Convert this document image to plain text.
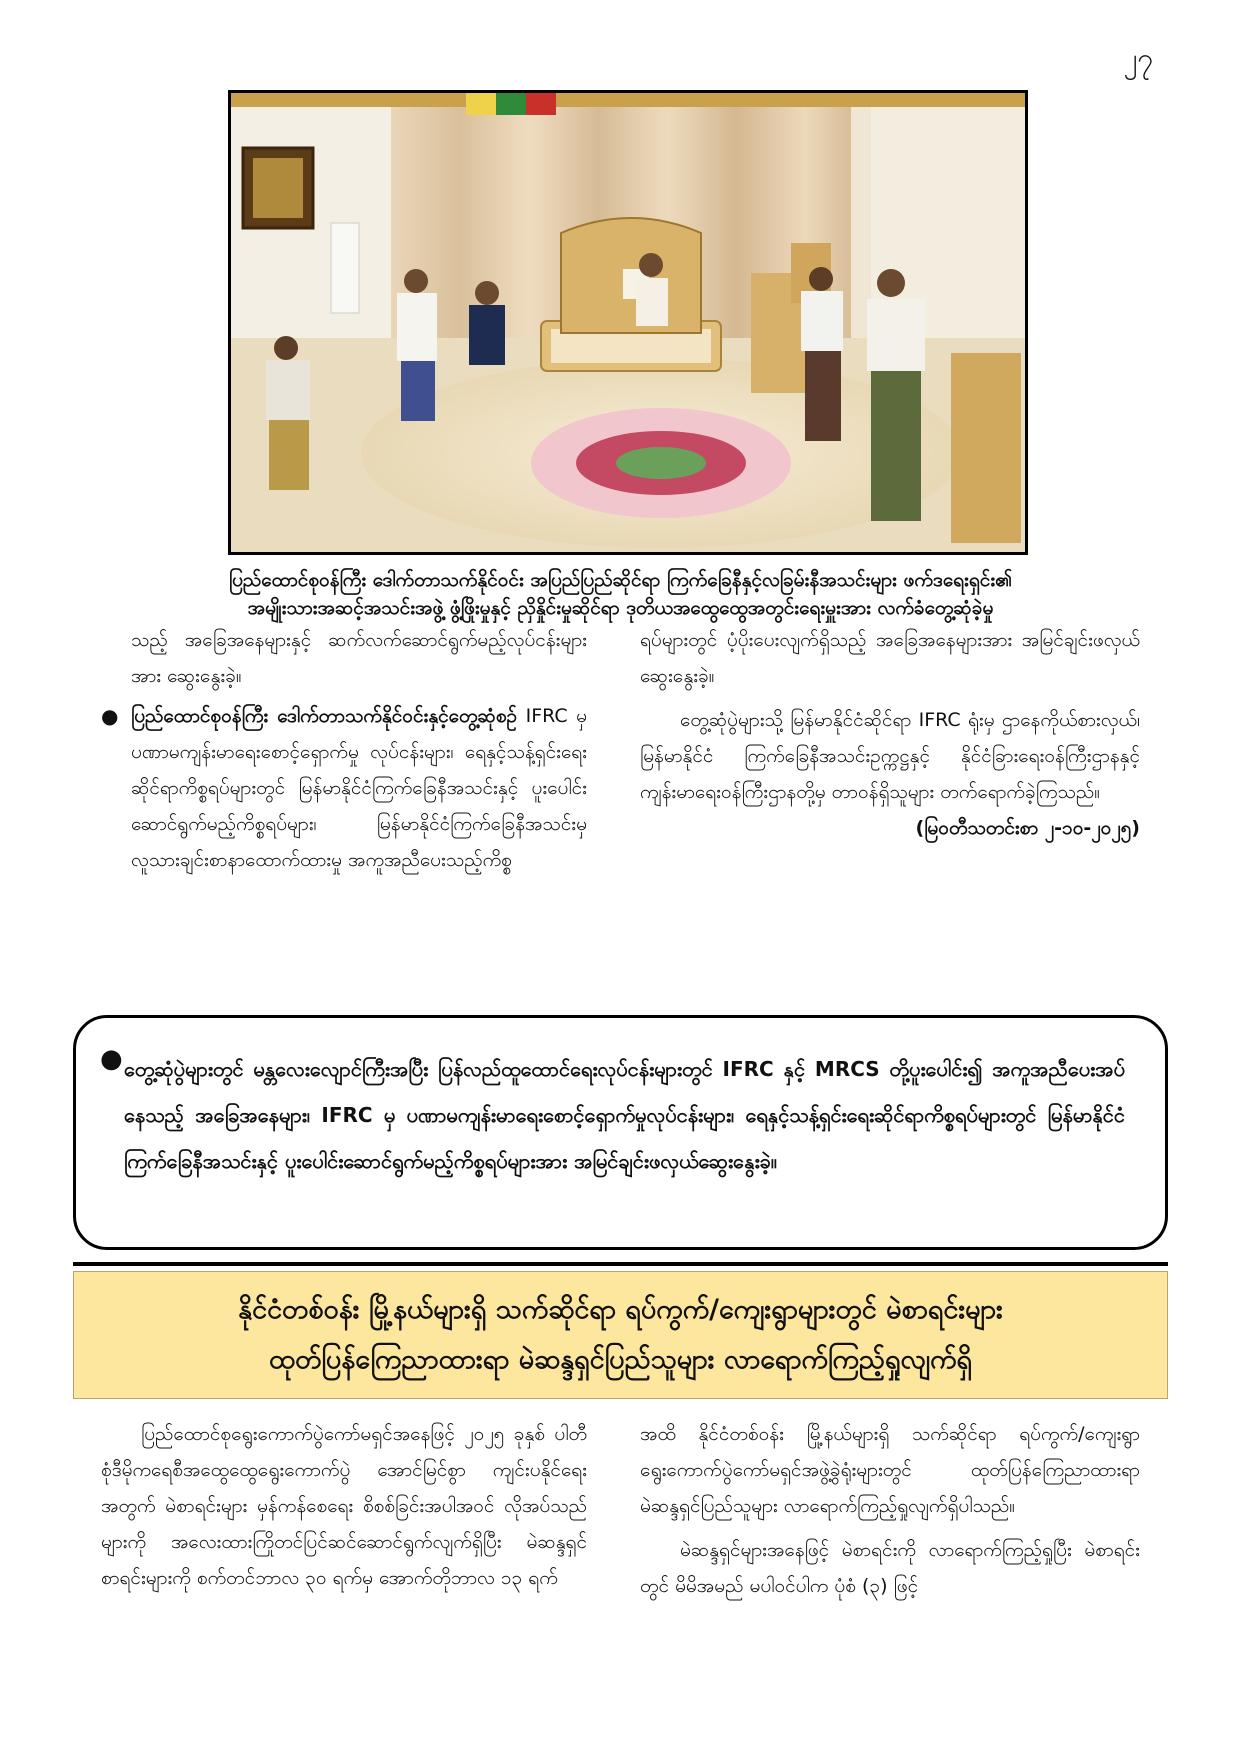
၂၇
ပြည်ထောင်စုဝန်ကြီး ဒေါက်တာသက်နိုင်ဝင်း အပြည်ပြည်ဆိုင်ရာ ကြက်ခြေနီနှင့်လခြမ်းနီအသင်းများ ဖက်ဒရေးရှင်း၏
အမျိုးသားအဆင့်အသင်းအဖွဲ့ ဖွံ့ဖြိုးမှုနှင့် ညှိနှိုင်းမှုဆိုင်ရာ ဒုတိယအထွေထွေအတွင်းရေးမှူးအား လက်ခံတွေ့ဆုံခဲ့မှု

သည့် အခြေအနေများနှင့် ဆက်လက်ဆောင်ရွက်မည့်လုပ်ငန်းများအား ဆွေးနွေးခဲ့။

● ပြည်ထောင်စုဝန်ကြီး ဒေါက်တာသက်နိုင်ဝင်းနှင့်တွေ့ဆုံစဉ် IFRC မှ ပဏာမကျန်းမာရေးစောင့်ရှောက်မှု လုပ်ငန်းများ၊ ရေနှင့်သန့်ရှင်းရေးဆိုင်ရာကိစ္စရပ်များတွင် မြန်မာနိုင်ငံကြက်ခြေနီအသင်းနှင့် ပူးပေါင်းဆောင်ရွက်မည့်ကိစ္စရပ်များ၊ မြန်မာနိုင်ငံကြက်ခြေနီအသင်းမှ လူသားချင်းစာနာထောက်ထားမှု အကူအညီပေးသည့်ကိစ္စ

ရပ်များတွင် ပံ့ပိုးပေးလျက်ရှိသည့် အခြေအနေများအား အမြင်ချင်းဖလှယ် ဆွေးနွေးခဲ့။

တွေ့ဆုံပွဲများသို့ မြန်မာနိုင်ငံဆိုင်ရာ IFRC ရုံးမှ ဌာနေကိုယ်စားလှယ်၊ မြန်မာနိုင်ငံ ကြက်ခြေနီအသင်းဥက္ကဋ္ဌနှင့် နိုင်ငံခြားရေးဝန်ကြီးဌာနနှင့် ကျန်းမာရေးဝန်ကြီးဌာနတို့မှ တာဝန်ရှိသူများ တက်ရောက်ခဲ့ကြသည်။

(မြဝတီသတင်းစာ ၂-၁၀-၂၀၂၅)

● တွေ့ဆုံပွဲများတွင် မန္တလေးလျောင်ကြီးအပြီး ပြန်လည်ထူထောင်ရေးလုပ်ငန်းများတွင် IFRC နှင့် MRCS တို့ပူးပေါင်း၍ အကူအညီပေးအပ်နေသည့် အခြေအနေများ၊ IFRC မှ ပဏာမကျန်းမာရေးစောင့်ရှောက်မှုလုပ်ငန်းများ၊ ရေနှင့်သန့်ရှင်းရေးဆိုင်ရာကိစ္စရပ်များတွင် မြန်မာနိုင်ငံကြက်ခြေနီအသင်းနှင့် ပူးပေါင်းဆောင်ရွက်မည့်ကိစ္စရပ်များအား အမြင်ချင်းဖလှယ်ဆွေးနွေးခဲ့။
နိုင်ငံတစ်ဝန်း မြို့နယ်များရှိ သက်ဆိုင်ရာ ရပ်ကွက်/ကျေးရွာများတွင် မဲစာရင်းများ
ထုတ်ပြန်ကြေညာထားရာ မဲဆန္ဒရှင်ပြည်သူများ လာရောက်ကြည့်ရှုလျက်ရှိ

ပြည်ထောင်စုရွေးကောက်ပွဲကော်မရှင်အနေဖြင့် ၂၀၂၅ ခုနှစ် ပါတီစုံဒီမိုကရေစီအထွေထွေရွေးကောက်ပွဲ အောင်မြင်စွာ ကျင်းပနိုင်ရေးအတွက် မဲစာရင်းများ မှန်ကန်စေရေး စိစစ်ခြင်းအပါအဝင် လိုအပ်သည်များကို အလေးထားကြိုတင်ပြင်ဆင်ဆောင်ရွက်လျက်ရှိပြီး မဲဆန္ဒရှင်စာရင်းများကို စက်တင်ဘာလ ၃၀ ရက်မှ အောက်တိုဘာလ ၁၃ ရက်

အထိ နိုင်ငံတစ်ဝန်း မြို့နယ်များရှိ သက်ဆိုင်ရာ ရပ်ကွက်/ကျေးရွာ ရွေးကောက်ပွဲကော်မရှင်အဖွဲ့ခွဲရုံးများတွင် ထုတ်ပြန်ကြေညာထားရာ မဲဆန္ဒရှင်ပြည်သူများ လာရောက်ကြည့်ရှုလျက်ရှိပါသည်။

မဲဆန္ဒရှင်များအနေဖြင့် မဲစာရင်းကို လာရောက်ကြည့်ရှုပြီး မဲစာရင်းတွင် မိမိအမည် မပါဝင်ပါက ပုံစံ (၃) ဖြင့်
